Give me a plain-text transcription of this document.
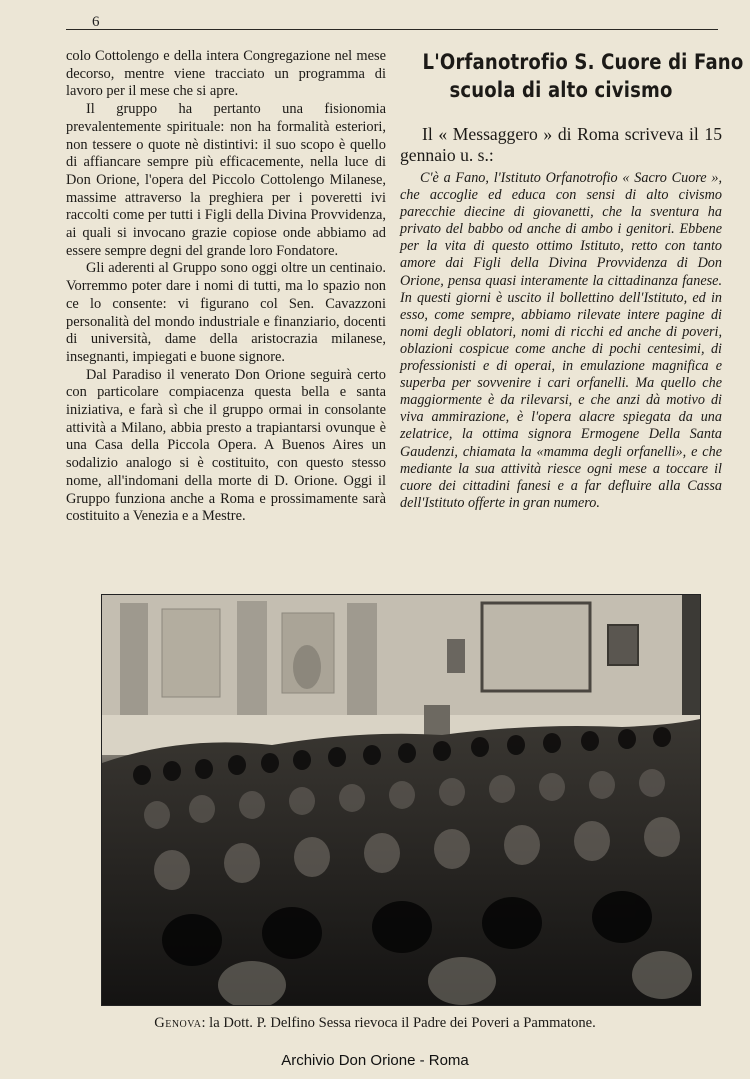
6

colo Cottolengo e della intera Congregazione nel mese decorso, mentre viene tracciato un programma di lavoro per il mese che si apre.

Il gruppo ha pertanto una fisionomia prevalentemente spirituale: non ha formalità esteriori, non tessere o quote nè distintivi: il suo scopo è quello di affiancare sempre più efficacemente, nella luce di Don Orione, l'opera del Piccolo Cottolengo Milanese, massime attraverso la preghiera per i poveretti ivi raccolti come per tutti i Figli della Divina Provvidenza, ai quali si invocano grazie copiose onde abbiamo ad essere sempre degni del grande loro Fondatore.

Gli aderenti al Gruppo sono oggi oltre un centinaio. Vorremmo poter dare i nomi di tutti, ma lo spazio non ce lo consente: vi figurano col Sen. Cavazzoni personalità del mondo industriale e finanziario, docenti di università, dame della aristocrazia milanese, insegnanti, impiegati e buone signore.

Dal Paradiso il venerato Don Orione seguirà certo con particolare compiacenza questa bella e santa iniziativa, e farà sì che il gruppo ormai in consolante attività a Milano, abbia presto a trapiantarsi ovunque è una Casa della Piccola Opera. A Buenos Aires un sodalizio analogo si è costituito, con questo stesso nome, all'indomani della morte di D. Orione. Oggi il Gruppo funziona anche a Roma e prossimamente sarà costituito a Venezia e a Mestre.

L'Orfanotrofio S. Cuore di Fano
scuola di alto civismo

Il « Messaggero » di Roma scriveva il 15 gennaio u. s.:

C'è a Fano, l'Istituto Orfanotrofio « Sacro Cuore », che accoglie ed educa con sensi di alto civismo parecchie diecine di giovanetti, che la sventura ha privato del babbo od anche di ambo i genitori. Ebbene per la vita di questo ottimo Istituto, retto con tanto amore dai Figli della Divina Provvidenza di Don Orione, pensa quasi interamente la cittadinanza fanese. In questi giorni è uscito il bollettino dell'Istituto, ed in esso, come sempre, abbiamo rilevate intere pagine di nomi degli oblatori, nomi di ricchi ed anche di poveri, oblazioni cospicue come anche di pochi centesimi, di professionisti e di operai, in emulazione magnifica e superba per sovvenire i cari orfanelli. Ma quello che maggiormente è da rilevarsi, e che anzi dà motivo di viva ammirazione, è l'opera alacre spiegata da una zelatrice, la ottima signora Ermogene Della Santa Gaudenzi, chiamata la «mamma degli orfanelli», e che mediante la sua attività riesce ogni mese a toccare il cuore dei cittadini fanesi e a far defluire alla Cassa dell'Istituto offerte in gran numero.

Genova: la Dott. P. Delfino Sessa rievoca il Padre dei Poveri a Pammatone.
Archivio Don Orione - Roma
